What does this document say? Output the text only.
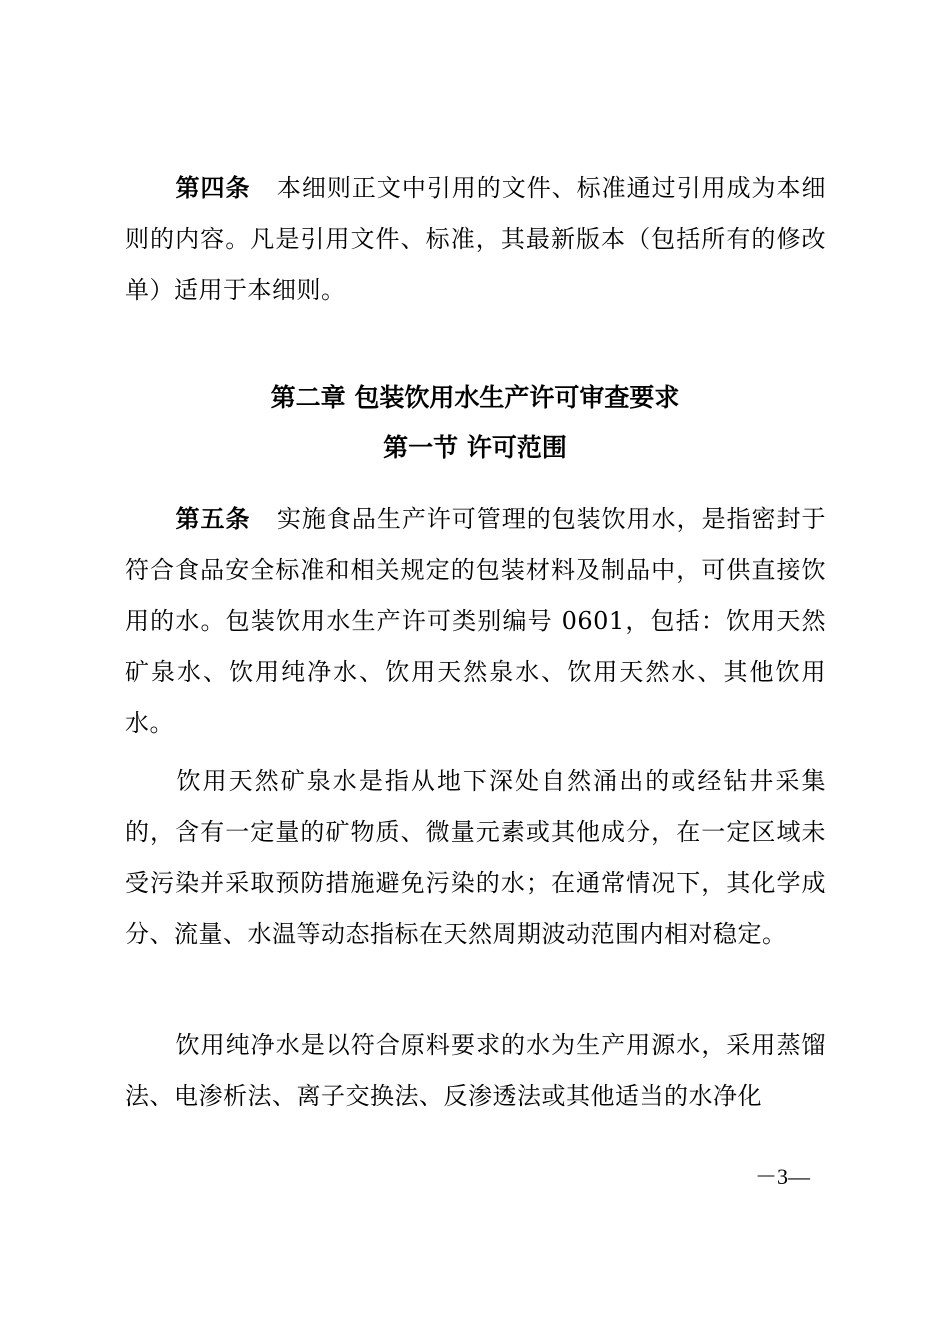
第四条 本细则正文中引用的文件、标准通过引用成为本细则的内容。凡是引用文件、标准，其最新版本（包括所有的修改单）适用于本细则。

第二章 包装饮用水生产许可审查要求
第一节 许可范围

第五条 实施食品生产许可管理的包装饮用水，是指密封于符合食品安全标准和相关规定的包装材料及制品中，可供直接饮用的水。包装饮用水生产许可类别编号 0601，包括：饮用天然矿泉水、饮用纯净水、饮用天然泉水、饮用天然水、其他饮用水。

饮用天然矿泉水是指从地下深处自然涌出的或经钻井采集的，含有一定量的矿物质、微量元素或其他成分，在一定区域未受污染并采取预防措施避免污染的水；在通常情况下，其化学成分、流量、水温等动态指标在天然周期波动范围内相对稳定。

饮用纯净水是以符合原料要求的水为生产用源水，采用蒸馏法、电渗析法、离子交换法、反渗透法或其他适当的水净化

－3—
